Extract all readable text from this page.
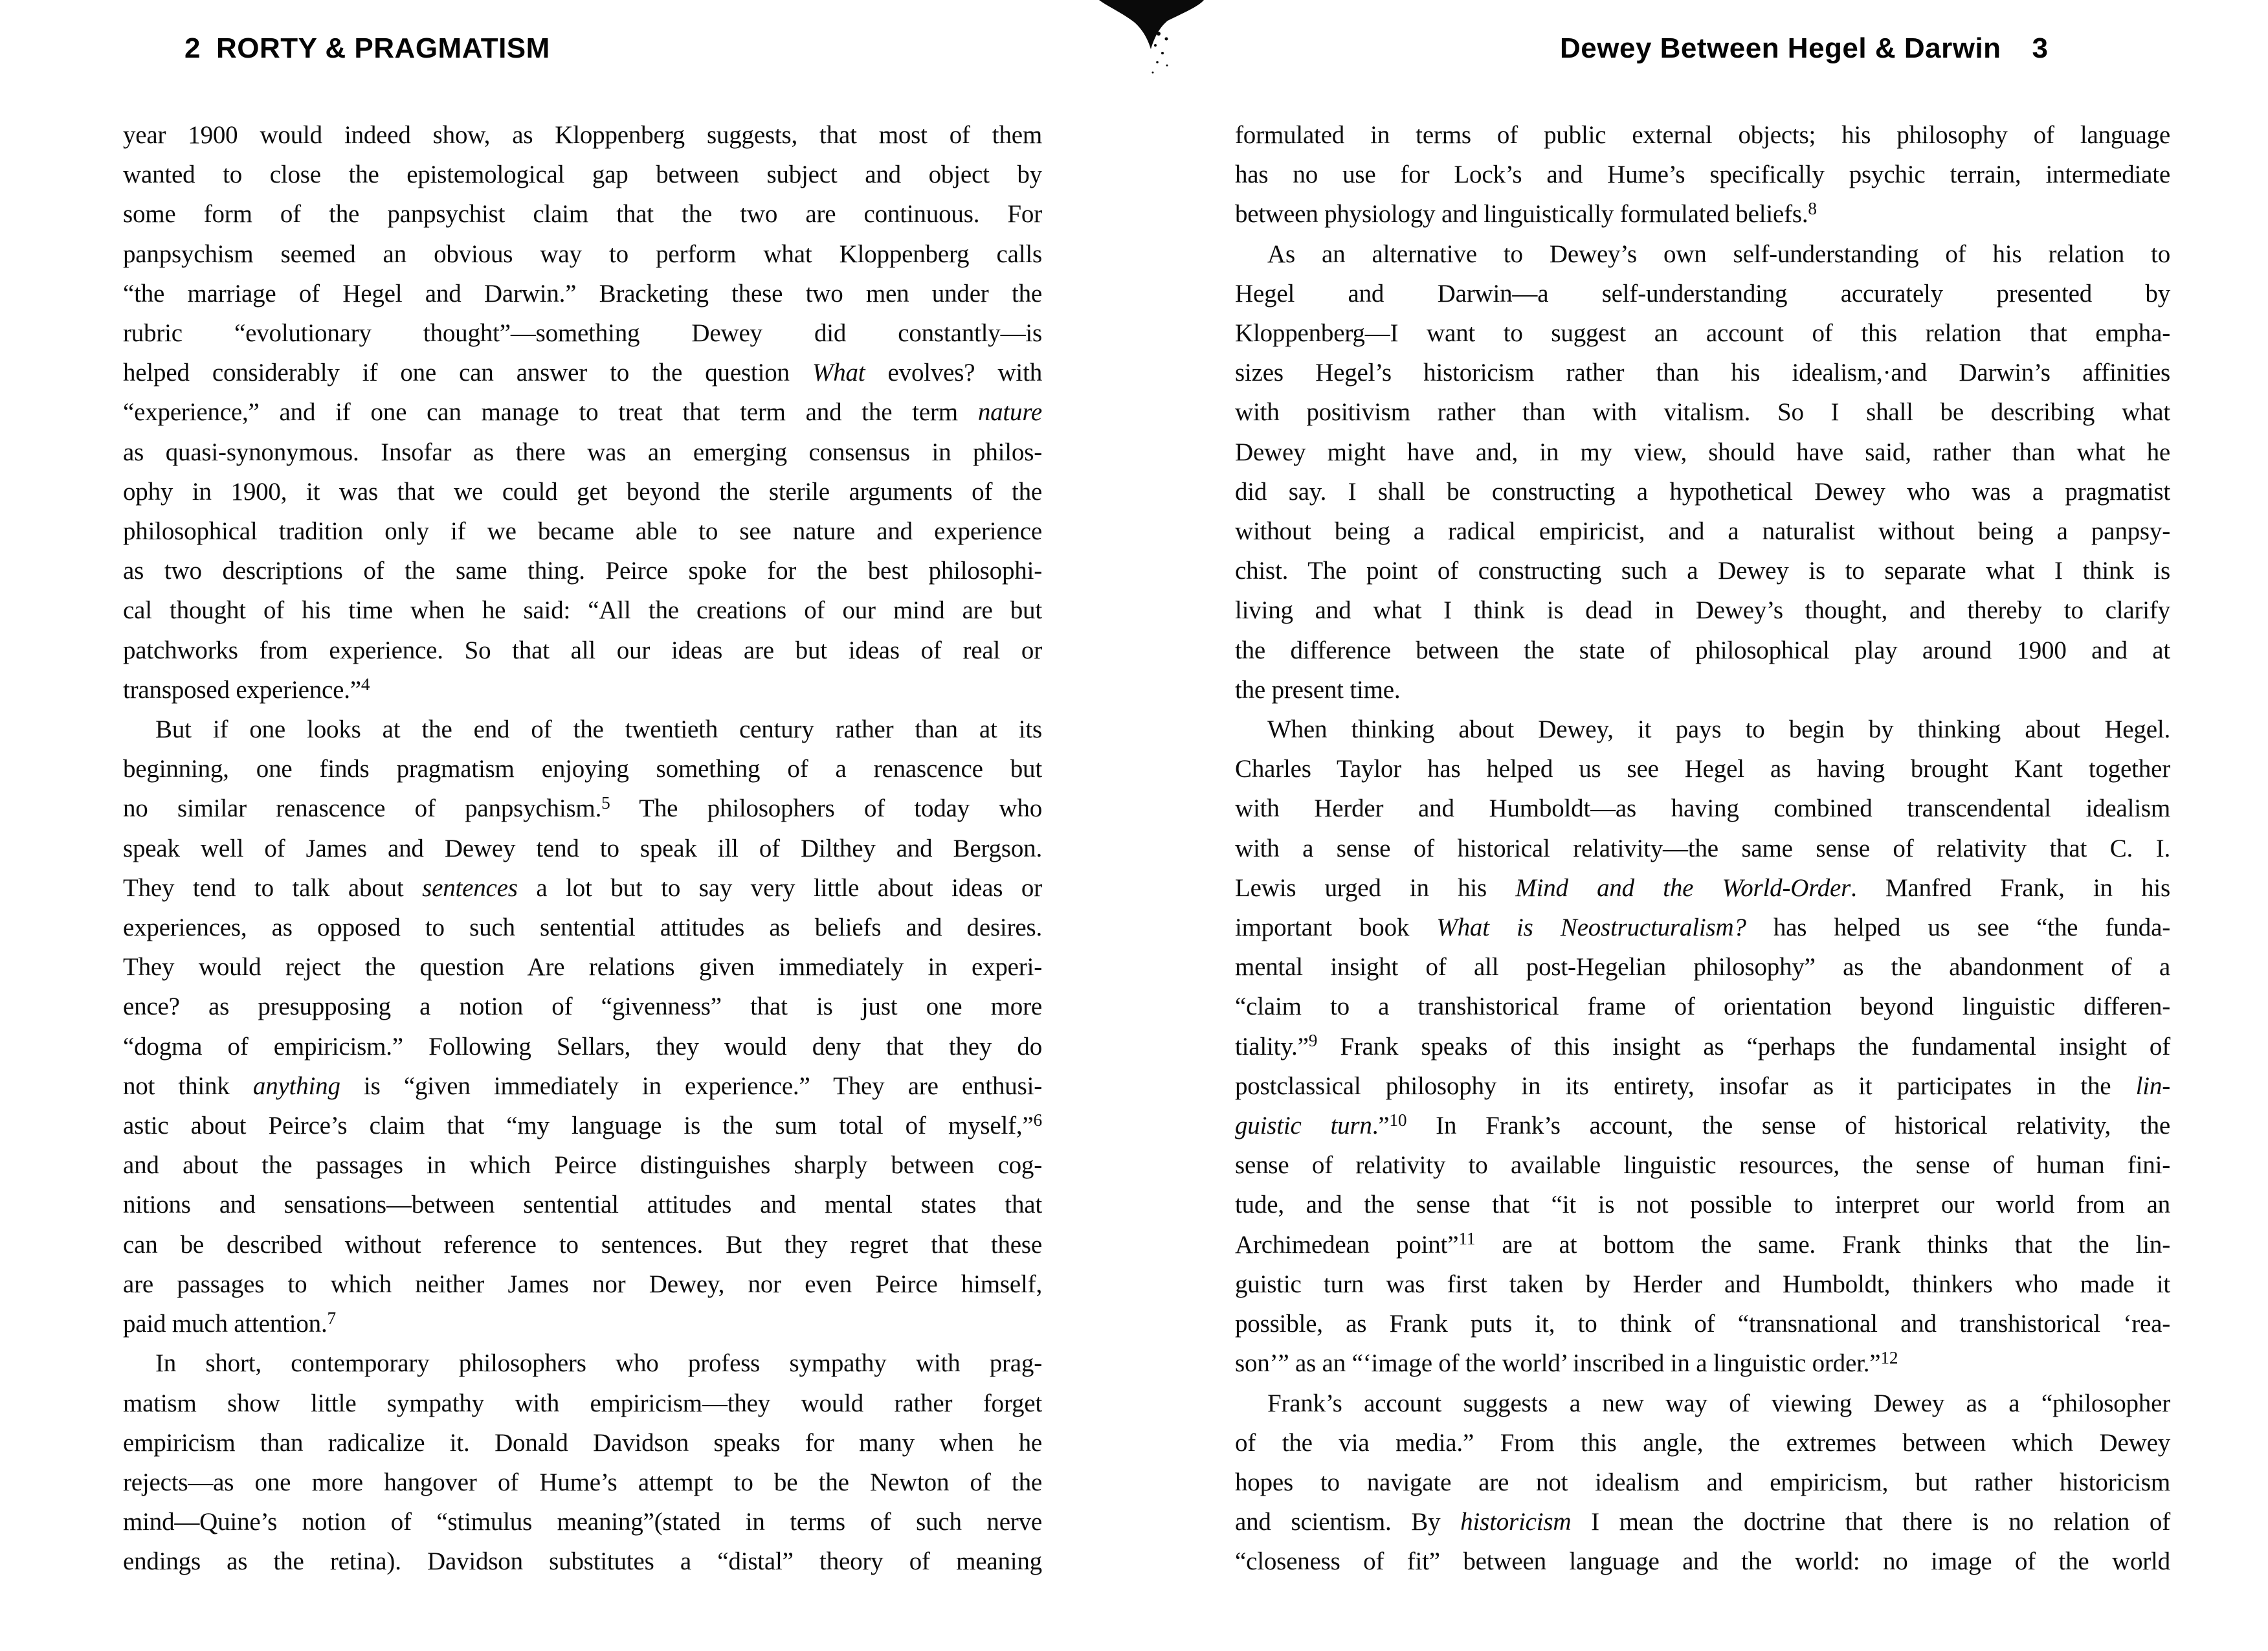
2 RORTY & PRAGMATISM	Dewey Between Hegel & Darwin 3
year 1900 would indeed show, as Kloppenberg suggests, that most of them
wanted to close the epistemological gap between subject and object by
some form of the panpsychist claim that the two are continuous. For
panpsychism seemed an obvious way to perform what Kloppenberg calls
“the marriage of Hegel and Darwin.” Bracketing these two men under the
rubric “evolutionary thought”—something Dewey did constantly—is
helped considerably if one can answer to the question What evolves? with
“experience,” and if one can manage to treat that term and the term nature
as quasi-synonymous. Insofar as there was an emerging consensus in philos-
ophy in 1900, it was that we could get beyond the sterile arguments of the
philosophical tradition only if we became able to see nature and experience
as two descriptions of the same thing. Peirce spoke for the best philosophi-
cal thought of his time when he said: “All the creations of our mind are but
patchworks from experience. So that all our ideas are but ideas of real or
transposed experience.”$^4$
But if one looks at the end of the twentieth century rather than at its
beginning, one finds pragmatism enjoying something of a renascence but
no similar renascence of panpsychism.$^5$ The philosophers of today who
speak well of James and Dewey tend to speak ill of Dilthey and Bergson.
They tend to talk about sentences a lot but to say very little about ideas or
experiences, as opposed to such sentential attitudes as beliefs and desires.
They would reject the question Are relations given immediately in experi-
ence? as presupposing a notion of “givenness” that is just one more
“dogma of empiricism.” Following Sellars, they would deny that they do
not think anything is “given immediately in experience.” They are enthusi-
astic about Peirce’s claim that “my language is the sum total of myself,”$^6$
and about the passages in which Peirce distinguishes sharply between cog-
nitions and sensations—between sentential attitudes and mental states that
can be described without reference to sentences. But they regret that these
are passages to which neither James nor Dewey, nor even Peirce himself,
paid much attention.$^7$
In short, contemporary philosophers who profess sympathy with prag-
matism show little sympathy with empiricism—they would rather forget
empiricism than radicalize it. Donald Davidson speaks for many when he
rejects—as one more hangover of Hume’s attempt to be the Newton of the
mind—Quine’s notion of “stimulus meaning”(stated in terms of such nerve
endings as the retina). Davidson substitutes a “distal” theory of meaning
formulated in terms of public external objects; his philosophy of language
has no use for Lock’s and Hume’s specifically psychic terrain, intermediate
between physiology and linguistically formulated beliefs.$^8$
As an alternative to Dewey’s own self-understanding of his relation to
Hegel and Darwin—a self-understanding accurately presented by
Kloppenberg—I want to suggest an account of this relation that empha-
sizes Hegel’s historicism rather than his idealism,·and Darwin’s affinities
with positivism rather than with vitalism. So I shall be describing what
Dewey might have and, in my view, should have said, rather than what he
did say. I shall be constructing a hypothetical Dewey who was a pragmatist
without being a radical empiricist, and a naturalist without being a panpsy-
chist. The point of constructing such a Dewey is to separate what I think is
living and what I think is dead in Dewey’s thought, and thereby to clarify
the difference between the state of philosophical play around 1900 and at
the present time.
When thinking about Dewey, it pays to begin by thinking about Hegel.
Charles Taylor has helped us see Hegel as having brought Kant together
with Herder and Humboldt—as having combined transcendental idealism
with a sense of historical relativity—the same sense of relativity that C. I.
Lewis urged in his Mind and the World-Order. Manfred Frank, in his
important book What is Neostructuralism? has helped us see “the funda-
mental insight of all post-Hegelian philosophy” as the abandonment of a
“claim to a transhistorical frame of orientation beyond linguistic differen-
tiality.”$^9$ Frank speaks of this insight as “perhaps the fundamental insight of
postclassical philosophy in its entirety, insofar as it participates in the lin-
guistic turn.”$^{10}$ In Frank’s account, the sense of historical relativity, the
sense of relativity to available linguistic resources, the sense of human fini-
tude, and the sense that “it is not possible to interpret our world from an
Archimedean point”$^{11}$ are at bottom the same. Frank thinks that the lin-
guistic turn was first taken by Herder and Humboldt, thinkers who made it
possible, as Frank puts it, to think of “transnational and transhistorical ‘rea-
son’” as an “‘image of the world’ inscribed in a linguistic order.”$^{12}$
Frank’s account suggests a new way of viewing Dewey as a “philosopher
of the via media.” From this angle, the extremes between which Dewey
hopes to navigate are not idealism and empiricism, but rather historicism
and scientism. By historicism I mean the doctrine that there is no relation of
“closeness of fit” between language and the world: no image of the world
